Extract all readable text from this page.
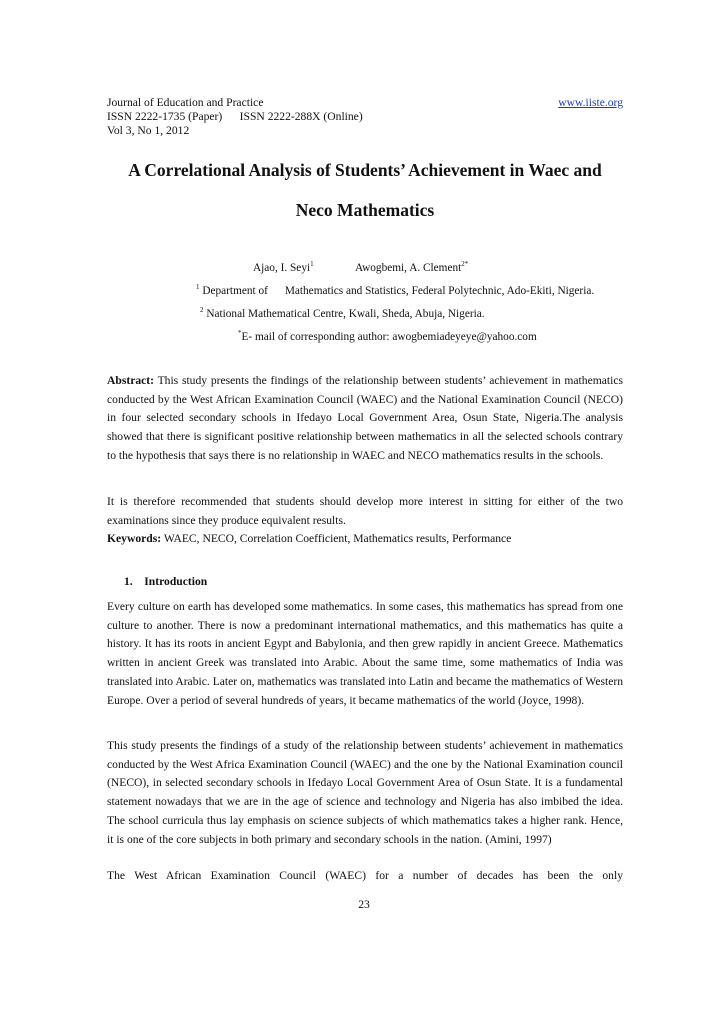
Journal of Education and Practice
ISSN 2222-1735 (Paper)      ISSN 2222-288X (Online)
Vol 3, No 1, 2012
www.iiste.org
A Correlational Analysis of Students’ Achievement in Waec and
Neco Mathematics
Ajao, I. Seyi$^1$	Awogbemi, A. Clement$^{2*}$
$^1$ Department of      Mathematics and Statistics, Federal Polytechnic, Ado-Ekiti, Nigeria.
$^2$ National Mathematical Centre, Kwali, Sheda, Abuja, Nigeria.
*E- mail of corresponding author: awogbemiadeyeye@yahoo.com
Abstract: This study presents the findings of the relationship between students’ achievement in mathematics conducted by the West African Examination Council (WAEC) and the National Examination Council (NECO) in four selected secondary schools in Ifedayo Local Government Area, Osun State, Nigeria.The analysis showed that there is significant positive relationship between mathematics in all the selected schools contrary to the hypothesis that says there is no relationship in WAEC and NECO mathematics results in the schools.
It is therefore recommended that students should develop more interest in sitting for either of the two examinations since they produce equivalent results.
Keywords: WAEC, NECO, Correlation Coefficient, Mathematics results, Performance
1. Introduction
Every culture on earth has developed some mathematics. In some cases, this mathematics has spread from one culture to another. There is now a predominant international mathematics, and this mathematics has quite a history. It has its roots in ancient Egypt and Babylonia, and then grew rapidly in ancient Greece. Mathematics written in ancient Greek was translated into Arabic. About the same time, some mathematics of India was translated into Arabic. Later on, mathematics was translated into Latin and became the mathematics of Western Europe. Over a period of several hundreds of years, it became mathematics of the world (Joyce, 1998).
This study presents the findings of a study of the relationship between students’ achievement in mathematics conducted by the West Africa Examination Council (WAEC) and the one by the National Examination council (NECO), in selected secondary schools in Ifedayo Local Government Area of Osun State. It is a fundamental statement nowadays that we are in the age of science and technology and Nigeria has also imbibed the idea. The school curricula thus lay emphasis on science subjects of which mathematics takes a higher rank. Hence, it is one of the core subjects in both primary and secondary schools in the nation. (Amini, 1997)
The West African Examination Council (WAEC) for a number of decades has been the only
23
